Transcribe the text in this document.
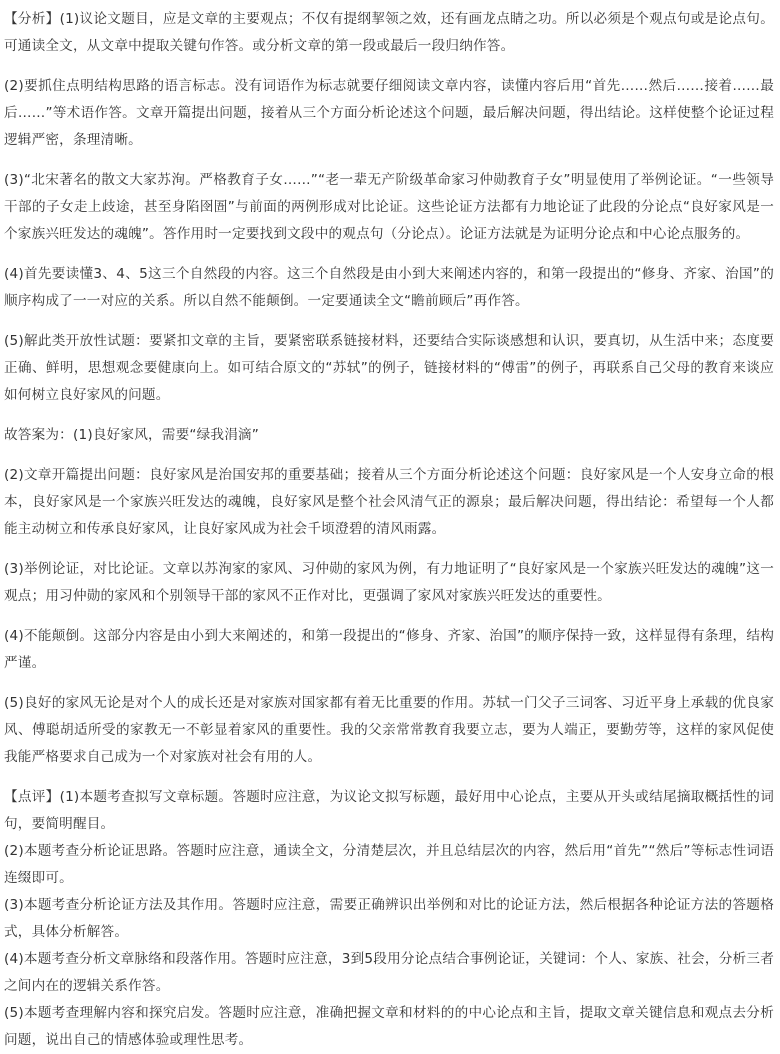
【分析】(1)议论文题目，应是文章的主要观点；不仅有提纲挈领之效，还有画龙点睛之功。所以必须是个观点句或是论点句。可通读全文，从文章中提取关键句作答。或分析文章的第一段或最后一段归纳作答。

(2)要抓住点明结构思路的语言标志。没有词语作为标志就要仔细阅读文章内容，读懂内容后用“首先……然后……接着……最后……”等术语作答。文章开篇提出问题，接着从三个方面分析论述这个问题，最后解决问题，得出结论。这样使整个论证过程逻辑严密，条理清晰。

(3)“北宋著名的散文大家苏洵。严格教育子女……”“老一辈无产阶级革命家习仲勋教育子女”明显使用了举例论证。“一些领导干部的子女走上歧途，甚至身陷囹圄”与前面的两例形成对比论证。这些论证方法都有力地论证了此段的分论点“良好家风是一个家族兴旺发达的魂魄”。答作用时一定要找到文段中的观点句（分论点）。论证方法就是为证明分论点和中心论点服务的。

(4)首先要读懂3、4、5这三个自然段的内容。这三个自然段是由小到大来阐述内容的，和第一段提出的“修身、齐家、治国”的顺序构成了一一对应的关系。所以自然不能颠倒。一定要通读全文“瞻前顾后”再作答。

(5)解此类开放性试题：要紧扣文章的主旨，要紧密联系链接材料，还要结合实际谈感想和认识，要真切，从生活中来；态度要正确、鲜明，思想观念要健康向上。如可结合原文的“苏轼”的例子，链接材料的“傅雷”的例子，再联系自己父母的教育来谈应如何树立良好家风的问题。

故答案为：(1)良好家风，需要“绿我涓滴”

(2)文章开篇提出问题：良好家风是治国安邦的重要基础；接着从三个方面分析论述这个问题：良好家风是一个人安身立命的根本，良好家风是一个家族兴旺发达的魂魄，良好家风是整个社会风清气正的源泉；最后解决问题，得出结论：希望每一个人都能主动树立和传承良好家风，让良好家风成为社会千顷澄碧的清风雨露。

(3)举例论证，对比论证。文章以苏洵家的家风、习仲勋的家风为例，有力地证明了“良好家风是一个家族兴旺发达的魂魄”这一观点；用习仲勋的家风和个别领导干部的家风不正作对比，更强调了家风对家族兴旺发达的重要性。

(4)不能颠倒。这部分内容是由小到大来阐述的，和第一段提出的“修身、齐家、治国”的顺序保持一致，这样显得有条理，结构严谨。

(5)良好的家风无论是对个人的成长还是对家族对国家都有着无比重要的作用。苏轼一门父子三词客、习近平身上承载的优良家风、傅聪胡适所受的家教无一不彰显着家风的重要性。我的父亲常常教育我要立志，要为人端正，要勤劳等，这样的家风促使我能严格要求自己成为一个对家族对社会有用的人。

【点评】(1)本题考查拟写文章标题。答题时应注意，为议论文拟写标题，最好用中心论点，主要从开头或结尾摘取概括性的词句，要简明醒目。

(2)本题考查分析论证思路。答题时应注意，通读全文，分清楚层次，并且总结层次的内容，然后用“首先”“然后”等标志性词语连缀即可。

(3)本题考查分析论证方法及其作用。答题时应注意，需要正确辨识出举例和对比的论证方法，然后根据各种论证方法的答题格式，具体分析解答。

(4)本题考查分析文章脉络和段落作用。答题时应注意，3到5段用分论点结合事例论证，关键词：个人、家族、社会，分析三者之间内在的逻辑关系作答。

(5)本题考查理解内容和探究启发。答题时应注意，准确把握文章和材料的的中心论点和主旨，提取文章关键信息和观点去分析问题，说出自己的情感体验或理性思考。
